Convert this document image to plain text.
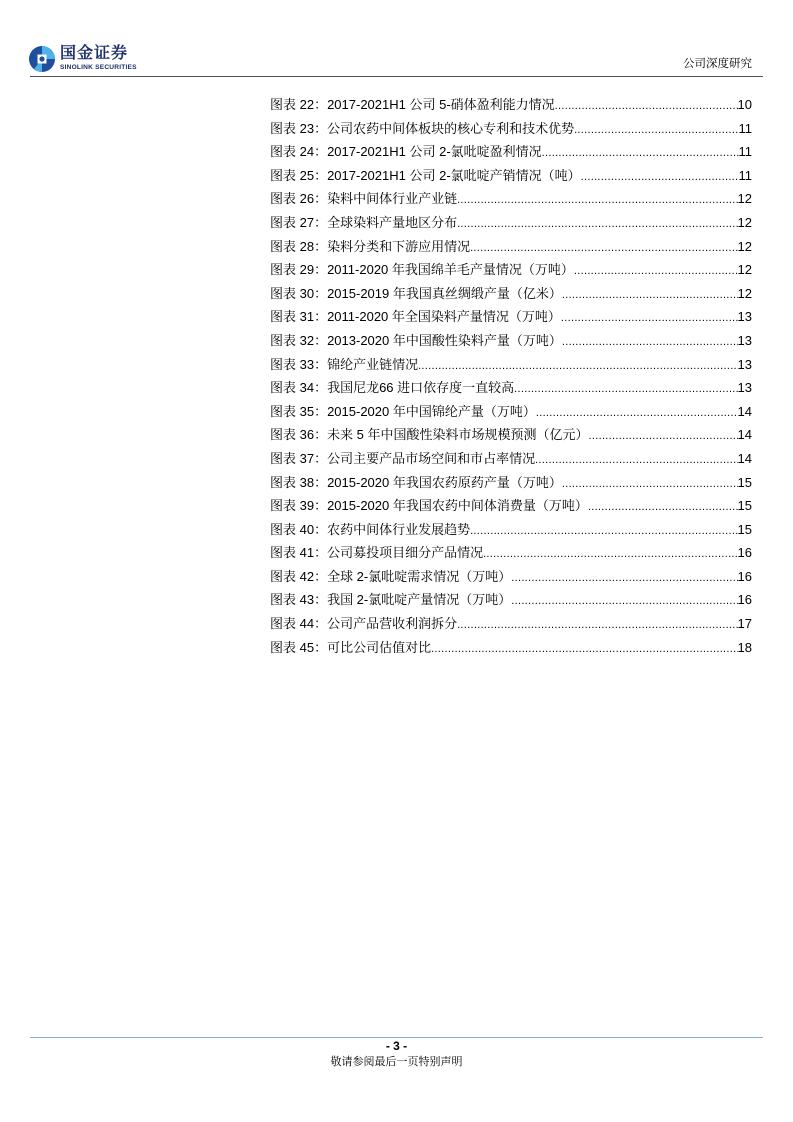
国金证券
SINOLINK SECURITIES	公司深度研究
图表 22：2017-2021H1 公司 5-硝体盈利能力情况 .....	10
图表 23：公司农药中间体板块的核心专利和技术优势 .....	11
图表 24：2017-2021H1 公司 2-氯吡啶盈利情况 .....	11
图表 25：2017-2021H1 公司 2-氯吡啶产销情况（吨） .....	11
图表 26：染料中间体行业产业链 .....	12
图表 27：全球染料产量地区分布 .....	12
图表 28：染料分类和下游应用情况 .....	12
图表 29：2011-2020 年我国绵羊毛产量情况（万吨） .....	12
图表 30：2015-2019 年我国真丝绸缎产量（亿米） .....	12
图表 31：2011-2020 年全国染料产量情况（万吨） .....	13
图表 32：2013-2020 年中国酸性染料产量（万吨） .....	13
图表 33：锦纶产业链情况 .....	13
图表 34：我国尼龙66 进口依存度一直较高 .....	13
图表 35：2015-2020 年中国锦纶产量（万吨） .....	14
图表 36：未来 5 年中国酸性染料市场规模预测（亿元） .....	14
图表 37：公司主要产品市场空间和市占率情况 .....	14
图表 38：2015-2020 年我国农药原药产量（万吨） .....	15
图表 39：2015-2020 年我国农药中间体消费量（万吨） .....	15
图表 40：农药中间体行业发展趋势 .....	15
图表 41：公司募投项目细分产品情况 .....	16
图表 42：全球 2-氯吡啶需求情况（万吨） .....	16
图表 43：我国 2-氯吡啶产量情况（万吨） .....	16
图表 44：公司产品营收利润拆分 .....	17
图表 45：可比公司估值对比 .....	18
- 3 -
敬请参阅最后一页特别声明
